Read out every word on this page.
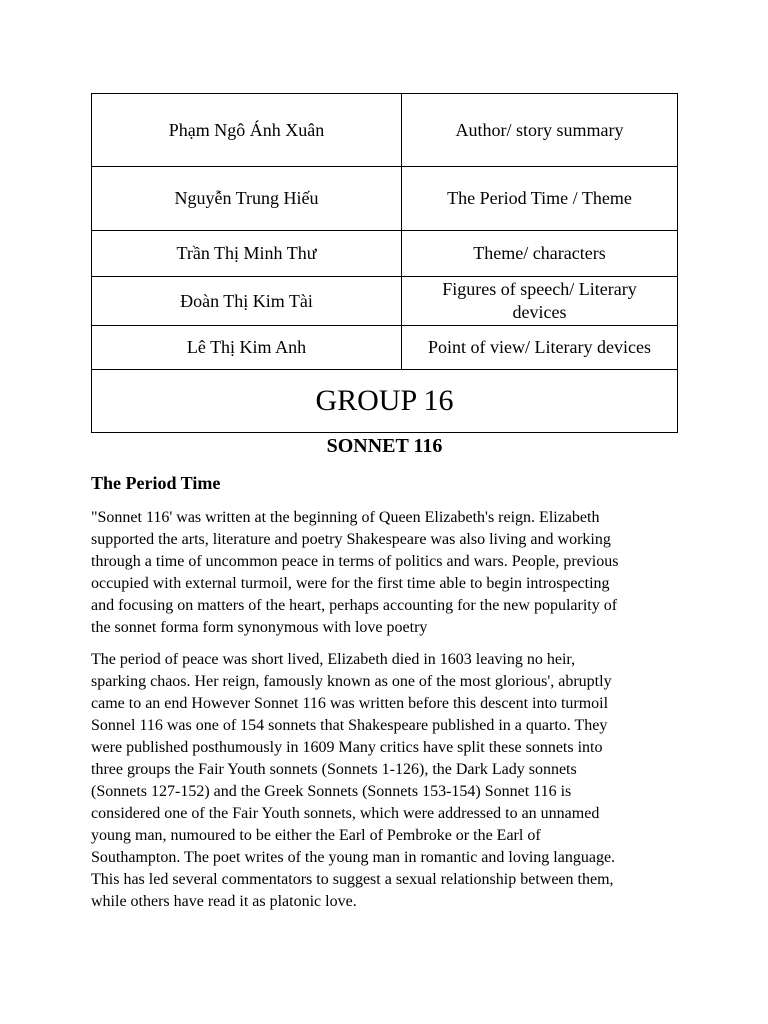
Phạm Ngô Ánh Xuân	Author/ story summary
Nguyễn Trung Hiếu	The Period Time / Theme
Trần Thị Minh Thư	Theme/ characters
Đoàn Thị Kim Tài	Figures of speech/ Literary devices
Lê Thị Kim Anh	Point of view/ Literary devices
GROUP 16	
SONNET 116
The Period Time

"Sonnet 116' was written at the beginning of Queen Elizabeth's reign. Elizabeth
supported the arts, literature and poetry Shakespeare was also living and working
through a time of uncommon peace in terms of politics and wars. People, previous
occupied with external turmoil, were for the first time able to begin introspecting
and focusing on matters of the heart, perhaps accounting for the new popularity of
the sonnet forma form synonymous with love poetry

The period of peace was short lived, Elizabeth died in 1603 leaving no heir,
sparking chaos. Her reign, famously known as one of the most glorious', abruptly
came to an end However Sonnet 116 was written before this descent into turmoil
Sonnel 116 was one of 154 sonnets that Shakespeare published in a quarto. They
were published posthumously in 1609 Many critics have split these sonnets into
three groups the Fair Youth sonnets (Sonnets 1-126), the Dark Lady sonnets
(Sonnets 127-152) and the Greek Sonnets (Sonnets 153-154) Sonnet 116 is
considered one of the Fair Youth sonnets, which were addressed to an unnamed
young man, numoured to be either the Earl of Pembroke or the Earl of
Southampton. The poet writes of the young man in romantic and loving language.
This has led several commentators to suggest a sexual relationship between them,
while others have read it as platonic love.
